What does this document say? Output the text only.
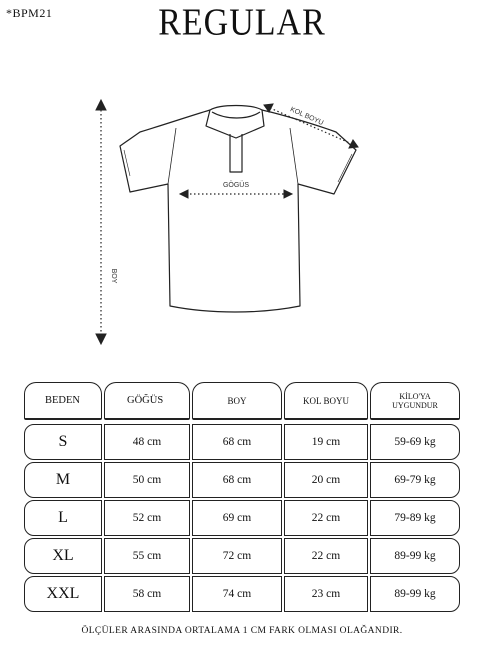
*BPM21	REGULAR
GÖGÜS
KOL BOYU
BOY
BEDEN	GÖĞÜS	BOY	KOL BOYU	KİLO'YA
UYGUNDUR
S	48 cm	68 cm	19 cm	59-69 kg
M	50 cm	68 cm	20 cm	69-79 kg
L	52 cm	69 cm	22 cm	79-89 kg
XL	55 cm	72 cm	22 cm	89-99 kg
XXL	58 cm	74 cm	23 cm	89-99 kg
ÖLÇÜLER ARASINDA ORTALAMA 1 CM FARK OLMASI OLAĞANDIR.
